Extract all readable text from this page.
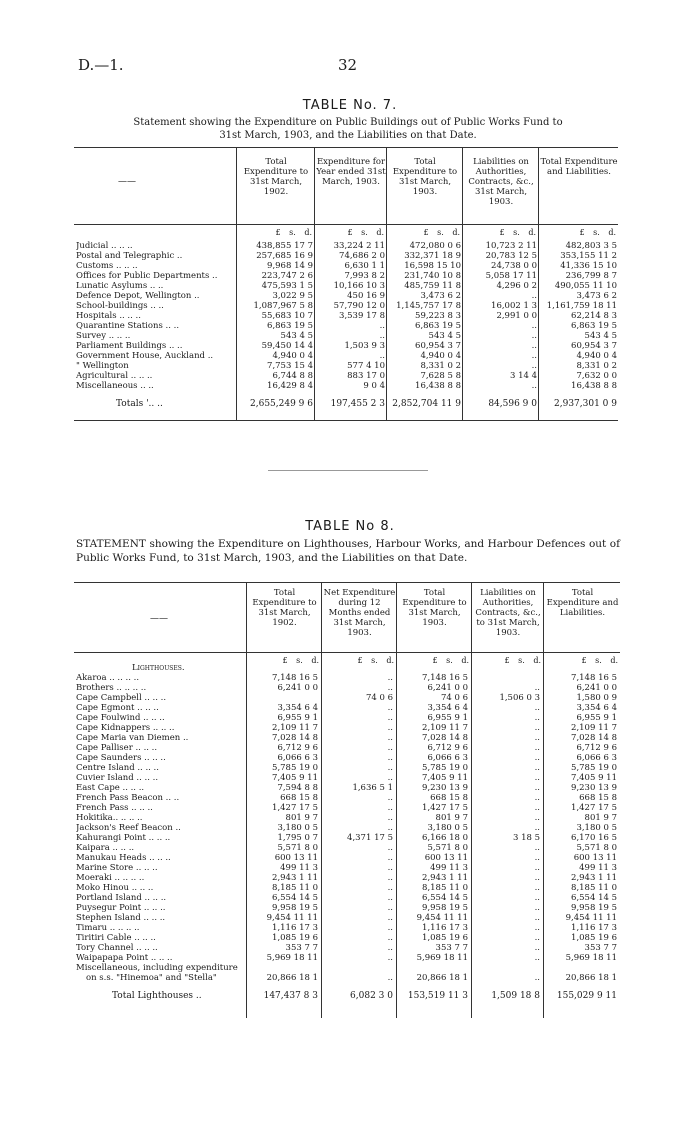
D.—1.	32
TABLE No. 7.
Statement showing the Expenditure on Public Buildings out of Public Works Fund to
31st March, 1903, and the Liabilities on that Date.
——
Total Expenditure to 31st March, 1902.
£ s. d.
Expenditure for Year ended 31st March, 1903.
£ s. d.
Total Expenditure to 31st March, 1903.
£ s. d.
Liabilities on Authorities, Contracts, &c., 31st March, 1903.
£ s. d.
Total Expenditure and Liabilities.
£ s. d.
Judicial .. .. ..	438,855 17 7	33,224 2 11	472,080 0 6	10,723 2 11	482,803 3 5
Postal and Telegraphic ..	257,685 16 9	74,686 2 0	332,371 18 9	20,783 12 5	353,155 11 2
Customs .. .. ..	9,968 14 9	6,630 1 1	16,598 15 10	24,738 0 0	41,336 15 10
Offices for Public Departments ..	223,747 2 6	7,993 8 2	231,740 10 8	5,058 17 11	236,799 8 7
Lunatic Asylums .. ..	475,593 1 5	10,166 10 3	485,759 11 8	4,296 0 2	490,055 11 10
Defence Depot, Wellington ..	3,022 9 5	450 16 9	3,473 6 2	..	3,473 6 2
School-buildings .. ..	1,087,967 5 8	57,790 12 0	1,145,757 17 8	16,002 1 3	1,161,759 18 11
Hospitals .. .. ..	55,683 10 7	3,539 17 8	59,223 8 3	2,991 0 0	62,214 8 3
Quarantine Stations .. ..	6,863 19 5	..	6,863 19 5	..	6,863 19 5
Survey .. .. ..	543 4 5	..	543 4 5	..	543 4 5
Parliament Buildings .. ..	59,450 14 4	1,503 9 3	60,954 3 7	..	60,954 3 7
Government House, Auckland ..	4,940 0 4	..	4,940 0 4	..	4,940 0 4
" Wellington	7,753 15 4	577 4 10	8,331 0 2	..	8,331 0 2
Agricultural .. .. ..	6,744 8 8	883 17 0	7,628 5 8	3 14 4	7,632 0 0
Miscellaneous .. ..	16,429 8 4	9 0 4	16,438 8 8	..	16,438 8 8

Totals '.. ..	2,655,249 9 6	197,455 2 3	2,852,704 11 9	84,596 9 0	2,937,301 0 9
TABLE No 8.
STATEMENT showing the Expenditure on Lighthouses, Harbour Works, and Harbour Defences out of Public Works Fund, to 31st March, 1903, and the Liabilities on that Date.
——
Total Expenditure to 31st March, 1902.
£ s. d.
Net Expenditure during 12 Months ended 31st March, 1903.
£ s. d.
Total Expenditure to 31st March, 1903.
£ s. d.
Liabilities on Authorities, Contracts, &c., to 31st March, 1903.
£ s. d.
Total Expenditure and Liabilities.
£ s. d.
Lighthouses.					
Akaroa .. .. .. ..	7,148 16 5	..	7,148 16 5		7,148 16 5
Brothers .. .. .. ..	6,241 0 0	..	6,241 0 0	..	6,241 0 0
Cape Campbell .. .. ..		74 0 6	74 0 6	1,506 0 3	1,580 0 9
Cape Egmont .. .. ..	3,354 6 4	..	3,354 6 4	..	3,354 6 4
Cape Foulwind .. .. ..	6,955 9 1	..	6,955 9 1	..	6,955 9 1
Cape Kidnappers .. .. ..	2,109 11 7	..	2,109 11 7	..	2,109 11 7
Cape Maria van Diemen ..	7,028 14 8	..	7,028 14 8	..	7,028 14 8
Cape Palliser .. .. ..	6,712 9 6	..	6,712 9 6	..	6,712 9 6
Cape Saunders .. .. ..	6,066 6 3	..	6,066 6 3	..	6,066 6 3
Centre Island .. .. ..	5,785 19 0	..	5,785 19 0	..	5,785 19 0
Cuvier Island .. .. ..	7,405 9 11	..	7,405 9 11	..	7,405 9 11
East Cape .. .. ..	7,594 8 8	1,636 5 1	9,230 13 9	..	9,230 13 9
French Pass Beacon .. ..	668 15 8	..	668 15 8	..	668 15 8
French Pass .. .. ..	1,427 17 5	..	1,427 17 5	..	1,427 17 5
Hokitika.. .. .. ..	801 9 7	..	801 9 7	..	801 9 7
Jackson's Reef Beacon ..	3,180 0 5	..	3,180 0 5	..	3,180 0 5
Kahurangi Point .. .. ..	1,795 0 7	4,371 17 5	6,166 18 0	3 18 5	6,170 16 5
Kaipara .. .. ..	5,571 8 0	..	5,571 8 0	..	5,571 8 0
Manukau Heads .. .. ..	600 13 11	..	600 13 11	..	600 13 11
Marine Store .. .. ..	499 11 3	..	499 11 3	..	499 11 3
Moeraki .. .. .. ..	2,943 1 11	..	2,943 1 11	..	2,943 1 11
Moko Hinou .. .. ..	8,185 11 0	..	8,185 11 0	..	8,185 11 0
Portland Island .. .. ..	6,554 14 5	..	6,554 14 5	..	6,554 14 5
Puysegur Point .. .. ..	9,958 19 5	..	9,958 19 5	..	9,958 19 5
Stephen Island .. .. ..	9,454 11 11	..	9,454 11 11	..	9,454 11 11
Timaru .. .. .. ..	1,116 17 3	..	1,116 17 3	..	1,116 17 3
Tiritiri Cable .. .. ..	1,085 19 6	..	1,085 19 6	..	1,085 19 6
Tory Channel .. .. ..	353 7 7	..	353 7 7	..	353 7 7
Waipapapa Point .. .. ..	5,969 18 11	..	5,969 18 11	..	5,969 18 11
Miscellaneous, including expenditure					
on s.s. "Hinemoa" and "Stella"	20,866 18 1	..	20,866 18 1	..	20,866 18 1

Total Lighthouses ..	147,437 8 3	6,082 3 0	153,519 11 3	1,509 18 8	155,029 9 11
